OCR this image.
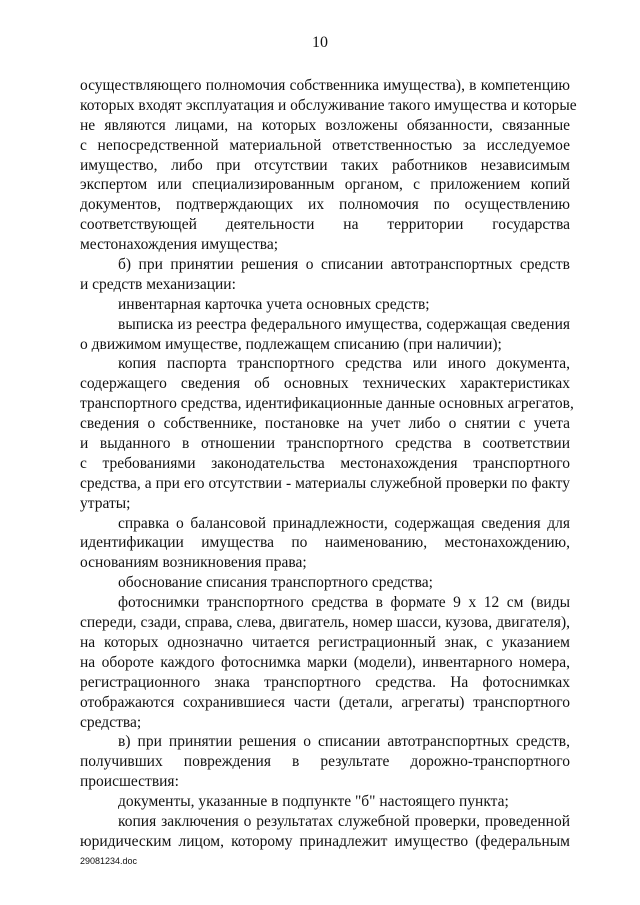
10
осуществляющего полномочия собственника имущества), в компетенцию
которых входят эксплуатация и обслуживание такого имущества и которые
не являются лицами, на которых возложены обязанности, связанные
с непосредственной материальной ответственностью за исследуемое
имущество, либо при отсутствии таких работников независимым
экспертом или специализированным органом, с приложением копий
документов, подтверждающих их полномочия по осуществлению
соответствующей деятельности на территории государства
местонахождения имущества;
б) при принятии решения о списании автотранспортных средств
и средств механизации:
инвентарная карточка учета основных средств;
выписка из реестра федерального имущества, содержащая сведения
о движимом имуществе, подлежащем списанию (при наличии);
копия паспорта транспортного средства или иного документа,
содержащего сведения об основных технических характеристиках
транспортного средства, идентификационные данные основных агрегатов,
сведения о собственнике, постановке на учет либо о снятии с учета
и выданного в отношении транспортного средства в соответствии
с требованиями законодательства местонахождения транспортного
средства, а при его отсутствии - материалы служебной проверки по факту
утраты;
справка о балансовой принадлежности, содержащая сведения для
идентификации имущества по наименованию, местонахождению,
основаниям возникновения права;
обоснование списания транспортного средства;
фотоснимки транспортного средства в формате 9 х 12 см (виды
спереди, сзади, справа, слева, двигатель, номер шасси, кузова, двигателя),
на которых однозначно читается регистрационный знак, с указанием
на обороте каждого фотоснимка марки (модели), инвентарного номера,
регистрационного знака транспортного средства. На фотоснимках
отображаются сохранившиеся части (детали, агрегаты) транспортного
средства;
в) при принятии решения о списании автотранспортных средств,
получивших повреждения в результате дорожно-транспортного
происшествия:
документы, указанные в подпункте "б" настоящего пункта;
копия заключения о результатах служебной проверки, проведенной
юридическим лицом, которому принадлежит имущество (федеральным
29081234.doc
